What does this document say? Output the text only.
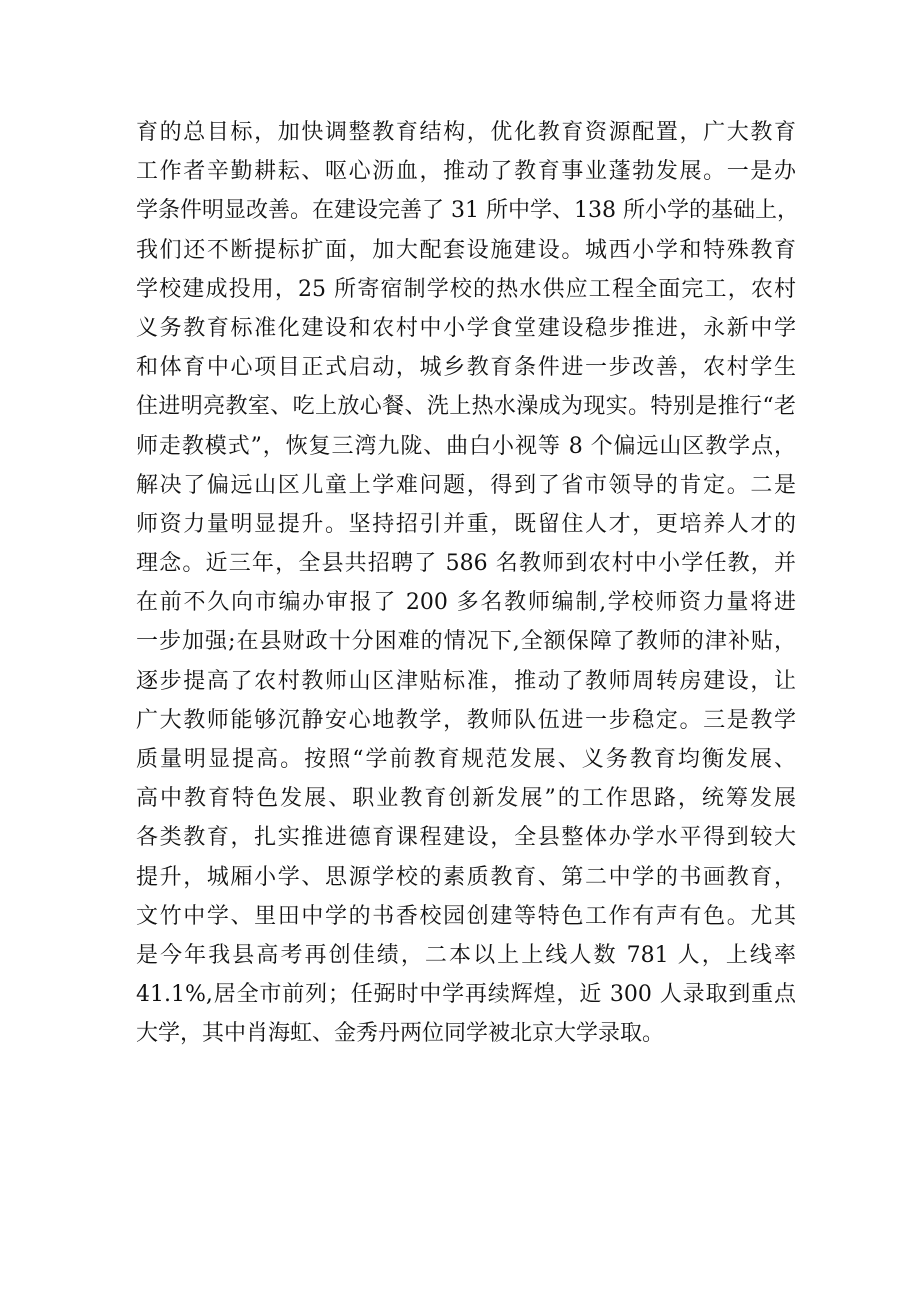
育的总目标，加快调整教育结构，优化教育资源配置，广大教育
工作者辛勤耕耘、呕心沥血，推动了教育事业蓬勃发展。一是办
学条件明显改善。在建设完善了 31 所中学、138 所小学的基础上，
我们还不断提标扩面，加大配套设施建设。城西小学和特殊教育
学校建成投用，25 所寄宿制学校的热水供应工程全面完工，农村
义务教育标准化建设和农村中小学食堂建设稳步推进，永新中学
和体育中心项目正式启动，城乡教育条件进一步改善，农村学生
住进明亮教室、吃上放心餐、洗上热水澡成为现实。特别是推行“老
师走教模式”，恢复三湾九陇、曲白小视等 8 个偏远山区教学点，
解决了偏远山区儿童上学难问题，得到了省市领导的肯定。二是
师资力量明显提升。坚持招引并重，既留住人才，更培养人才的
理念。近三年，全县共招聘了 586 名教师到农村中小学任教，并
在前不久向市编办审报了 200 多名教师编制,学校师资力量将进
一步加强;在县财政十分困难的情况下,全额保障了教师的津补贴，
逐步提高了农村教师山区津贴标准，推动了教师周转房建设，让
广大教师能够沉静安心地教学，教师队伍进一步稳定。三是教学
质量明显提高。按照“学前教育规范发展、义务教育均衡发展、
高中教育特色发展、职业教育创新发展”的工作思路，统筹发展
各类教育，扎实推进德育课程建设，全县整体办学水平得到较大
提升，城厢小学、思源学校的素质教育、第二中学的书画教育，
文竹中学、里田中学的书香校园创建等特色工作有声有色。尤其
是今年我县高考再创佳绩，二本以上上线人数 781 人，上线率
41.1%,居全市前列；任弼时中学再续辉煌，近 300 人录取到重点
大学，其中肖海虹、金秀丹两位同学被北京大学录取。
